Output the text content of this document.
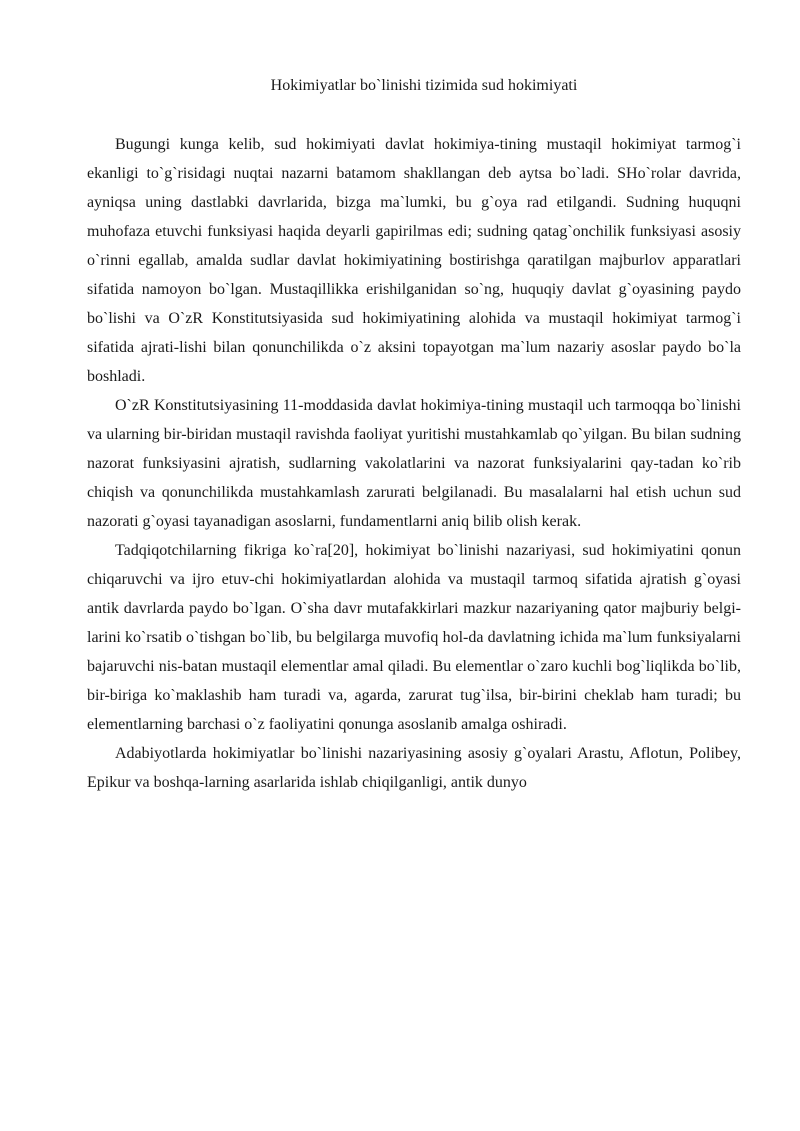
Hokimiyatlar bo`linishi tizimida sud hokimiyati

Bugungi kunga kelib, sud hokimiyati davlat hokimiya-tining mustaqil hokimiyat tarmog`i ekanligi to`g`risidagi nuqtai nazarni batamom shakllangan deb aytsa bo`ladi. SHo`rolar davrida, ayniqsa uning dastlabki davrlarida, bizga ma`lumki, bu g`oya rad etilgandi. Sudning huquqni muhofaza etuvchi funksiyasi haqida deyarli gapirilmas edi; sudning qatag`onchilik funksiyasi asosiy o`rinni egallab, amalda sudlar davlat hokimiyatining bostirishga qaratilgan majburlov apparatlari sifatida namoyon bo`lgan. Mustaqillikka erishilganidan so`ng, huquqiy davlat g`oyasining paydo bo`lishi va O`zR Konstitutsiyasida sud hokimiyatining alohida va mustaqil hokimiyat tarmog`i sifatida ajrati-lishi bilan qonunchilikda o`z aksini topayotgan ma`lum nazariy asoslar paydo bo`la boshladi.

O`zR Konstitutsiyasining 11-moddasida davlat hokimiya-tining mustaqil uch tarmoqqa bo`linishi va ularning bir-biridan mustaqil ravishda faoliyat yuritishi mustahkamlab qo`yilgan. Bu bilan sudning nazorat funksiyasini ajratish, sudlarning vakolatlarini va nazorat funksiyalarini qay-tadan ko`rib chiqish va qonunchilikda mustahkamlash zarurati belgilanadi. Bu masalalarni hal etish uchun sud nazorati g`oyasi tayanadigan asoslarni, fundamentlarni aniq bilib olish kerak.

Tadqiqotchilarning fikriga ko`ra[20], hokimiyat bo`linishi nazariyasi, sud hokimiyatini qonun chiqaruvchi va ijro etuv-chi hokimiyatlardan alohida va mustaqil tarmoq sifatida ajratish g`oyasi antik davrlarda paydo bo`lgan. O`sha davr mutafakkirlari mazkur nazariyaning qator majburiy belgi-larini ko`rsatib o`tishgan bo`lib, bu belgilarga muvofiq hol-da davlatning ichida ma`lum funksiyalarni bajaruvchi nis-batan mustaqil elementlar amal qiladi. Bu elementlar o`zaro kuchli bog`liqlikda bo`lib, bir-biriga ko`maklashib ham turadi va, agarda, zarurat tug`ilsa, bir-birini cheklab ham turadi; bu elementlarning barchasi o`z faoliyatini qonunga asoslanib amalga oshiradi.

Adabiyotlarda hokimiyatlar bo`linishi nazariyasining asosiy g`oyalari Arastu, Aflotun, Polibey, Epikur va boshqa-larning asarlarida ishlab chiqilganligi, antik dunyo
